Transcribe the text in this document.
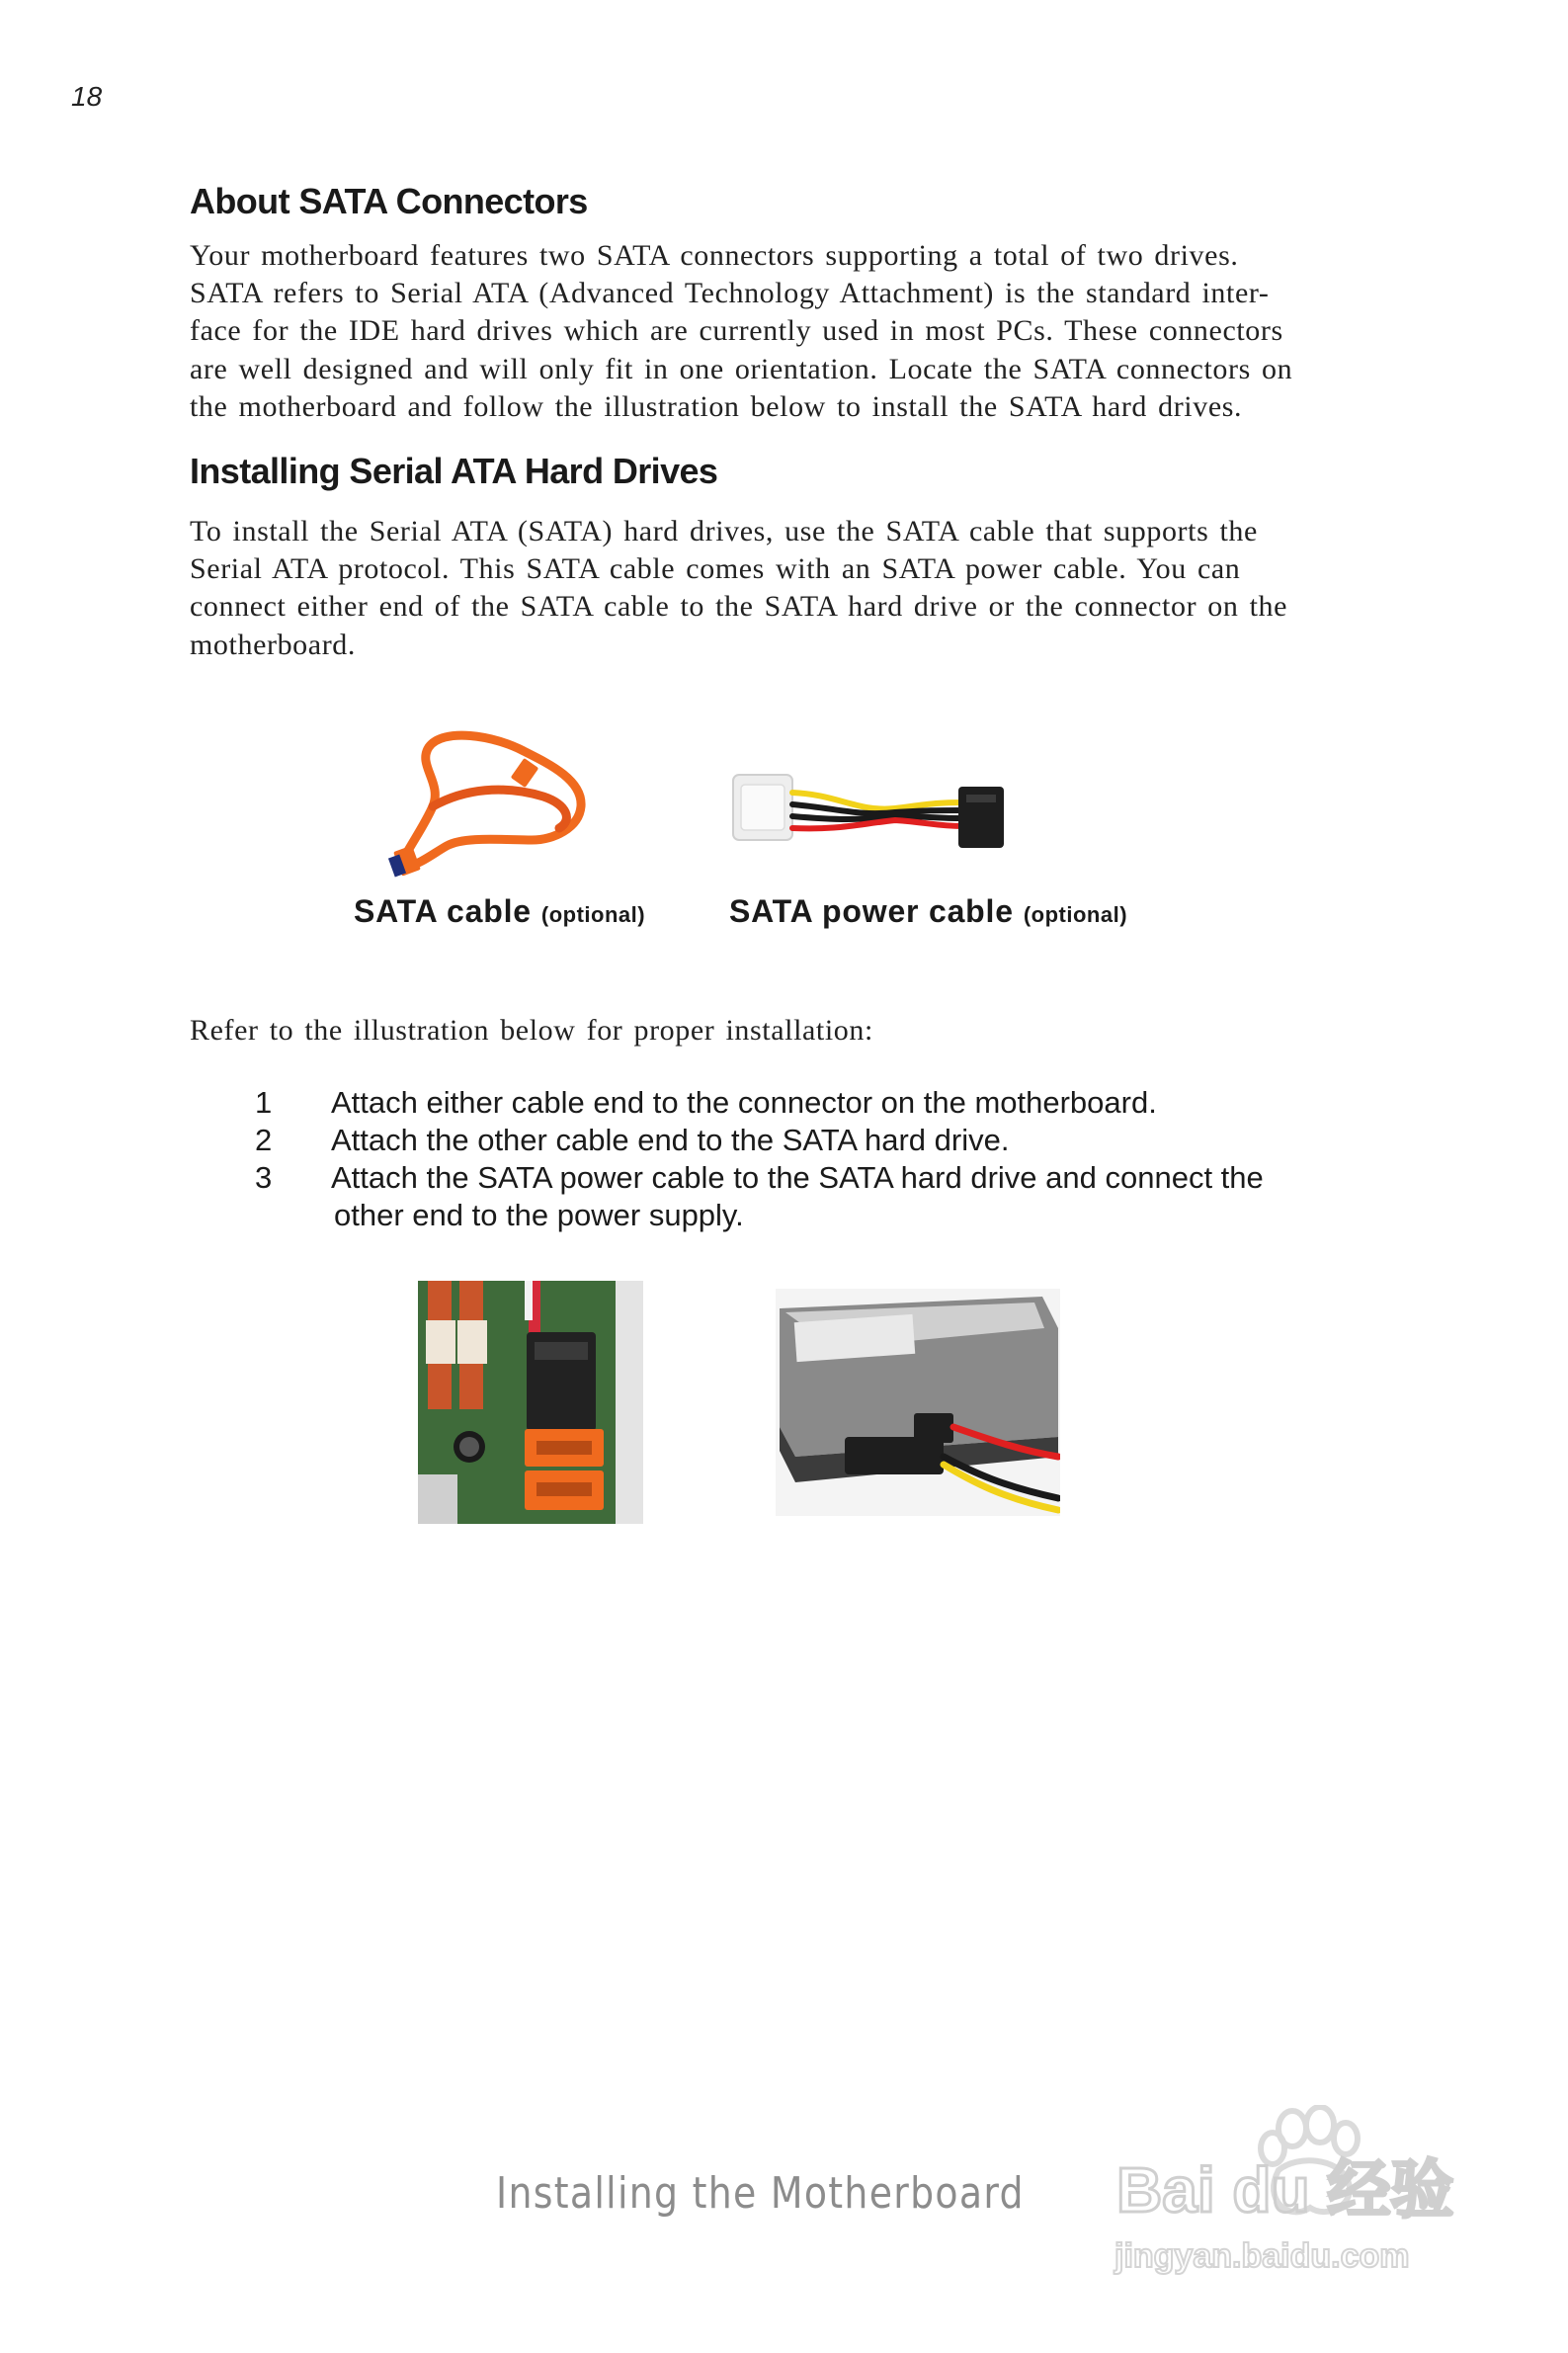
18
About SATA Connectors
Your motherboard features two SATA connectors supporting a total of two drives.
SATA refers to Serial ATA (Advanced Technology Attachment) is the standard inter-
face for the IDE hard drives which are currently used in most PCs. These connectors
are well designed and will only fit in one orientation. Locate the SATA connectors on
the motherboard and follow the illustration below to install the SATA hard drives.
Installing Serial ATA Hard Drives
To install the Serial ATA (SATA) hard drives, use the SATA cable that supports the
Serial ATA protocol. This SATA cable comes with an SATA power cable. You can
connect either end of the SATA cable to the SATA hard drive or the connector on the
motherboard.
SATA cable (optional)	SATA power cable (optional)
Refer to the illustration below for proper installation:
1 Attach either cable end to the connector on the motherboard.
2 Attach the other cable end to the SATA hard drive.
3 Attach the SATA power cable to the SATA hard drive and connect the
other end to the power supply.
Installing the Motherboard Bai du 经验
jingyan.baidu.com
